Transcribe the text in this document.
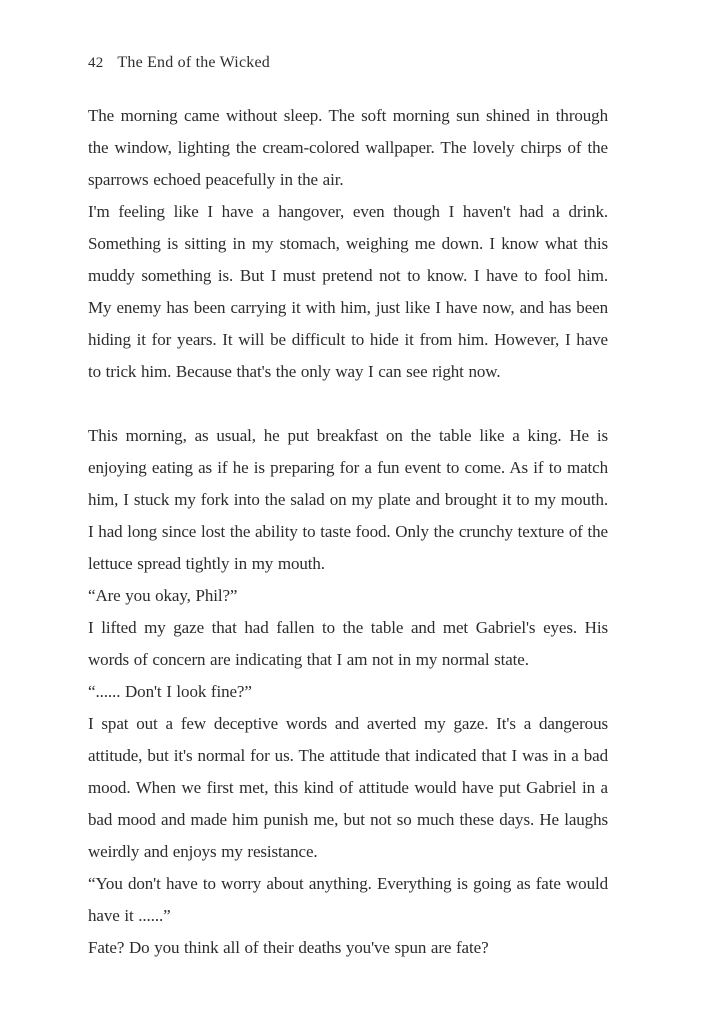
42 The End of the Wicked

The morning came without sleep. The soft morning sun shined in through the window, lighting the cream-colored wallpaper. The lovely chirps of the sparrows echoed peacefully in the air.

I'm feeling like I have a hangover, even though I haven't had a drink. Something is sitting in my stomach, weighing me down. I know what this muddy something is. But I must pretend not to know. I have to fool him. My enemy has been carrying it with him, just like I have now, and has been hiding it for years. It will be difficult to hide it from him. However, I have to trick him. Because that's the only way I can see right now.

This morning, as usual, he put breakfast on the table like a king. He is enjoying eating as if he is preparing for a fun event to come. As if to match him, I stuck my fork into the salad on my plate and brought it to my mouth. I had long since lost the ability to taste food. Only the crunchy texture of the lettuce spread tightly in my mouth.

“Are you okay, Phil?”

I lifted my gaze that had fallen to the table and met Gabriel's eyes. His words of concern are indicating that I am not in my normal state.

“...... Don't I look fine?”

I spat out a few deceptive words and averted my gaze. It's a dangerous attitude, but it's normal for us. The attitude that indicated that I was in a bad mood. When we first met, this kind of attitude would have put Gabriel in a bad mood and made him punish me, but not so much these days. He laughs weirdly and enjoys my resistance.

“You don't have to worry about anything. Everything is going as fate would have it ......”

Fate? Do you think all of their deaths you've spun are fate?
